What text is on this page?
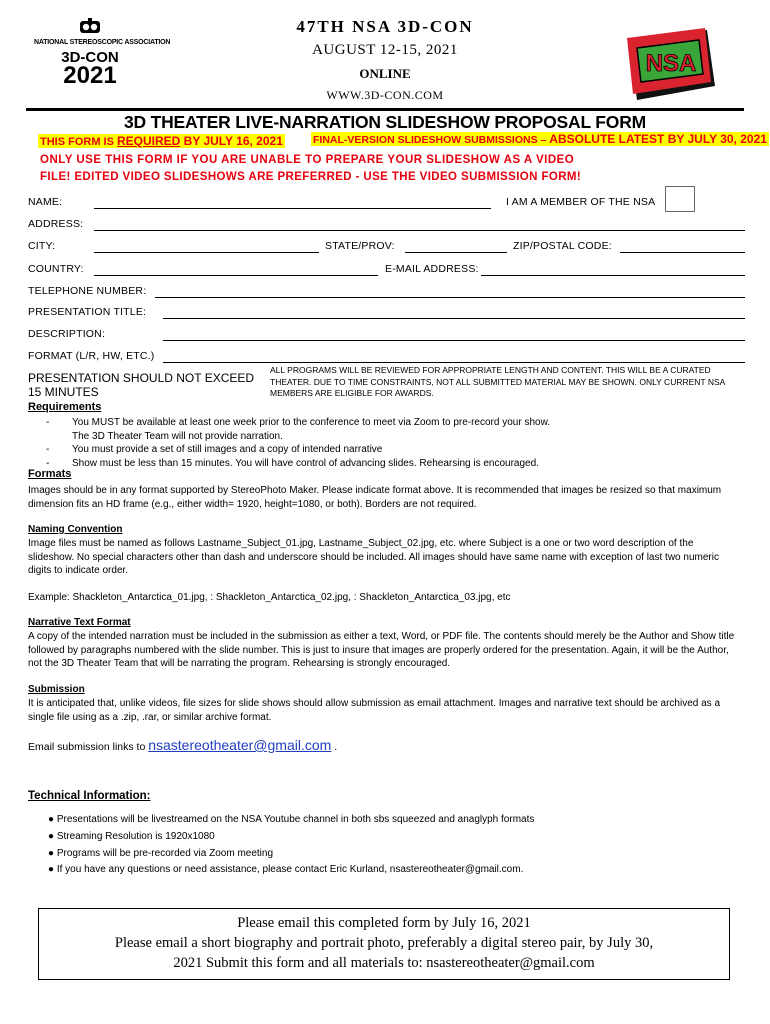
NATIONAL STEREOSCOPIC ASSOCIATION
3D-CON
2021
47TH NSA 3D-CON
AUGUST 12-15, 2021
ONLINE
WWW.3D-CON.COM
NSA
3D THEATER LIVE-NARRATION SLIDESHOW PROPOSAL FORM
THIS FORM IS REQUIRED BY JULY 16, 2021	FINAL-VERSION SLIDESHOW SUBMISSIONS – ABSOLUTE LATEST BY JULY 30, 2021
ONLY USE THIS FORM IF YOU ARE UNABLE TO PREPARE YOUR SLIDESHOW AS A VIDEO
FILE! EDITED VIDEO SLIDESHOWS ARE PREFERRED - USE THE VIDEO SUBMISSION FORM!
NAME:	I AM A MEMBER OF THE NSA
ADDRESS:
CITY:	STATE/PROV:	ZIP/POSTAL CODE:
COUNTRY:	E-MAIL ADDRESS:
TELEPHONE NUMBER:
PRESENTATION TITLE:
DESCRIPTION:
FORMAT (L/R, HW, ETC.)
PRESENTATION SHOULD NOT EXCEED
15 MINUTES
ALL PROGRAMS WILL BE REVIEWED FOR APPROPRIATE LENGTH AND CONTENT. THIS WILL BE A CURATED THEATER. DUE TO TIME CONSTRAINTS, NOT ALL SUBMITTED MATERIAL MAY BE SHOWN. ONLY CURRENT NSA MEMBERS ARE ELIGIBLE FOR AWARDS.
Requirements
-	You MUST be available at least one week prior to the conference to meet via Zoom to pre-record your show.
The 3D Theater Team will not provide narration.
-	You must provide a set of still images and a copy of intended narrative
-	Show must be less than 15 minutes. You will have control of advancing slides. Rehearsing is encouraged.
Formats
Images should be in any format supported by StereoPhoto Maker. Please indicate format above. It is recommended that images be resized so that maximum dimension fits an HD frame (e.g., either width= 1920, height=1080, or both). Borders are not required.
Naming Convention
Image files must be named as follows Lastname_Subject_01.jpg, Lastname_Subject_02.jpg, etc. where Subject is a one or two word description of the slideshow. No special characters other than dash and underscore should be included. All images should have same name with exception of last two numeric digits to indicate order.
Example: Shackleton_Antarctica_01.jpg, : Shackleton_Antarctica_02.jpg, : Shackleton_Antarctica_03.jpg, etc
Narrative Text Format
A copy of the intended narration must be included in the submission as either a text, Word, or PDF file. The contents should merely be the Author and Show title followed by paragraphs numbered with the slide number. This is just to insure that images are properly ordered for the presentation. Again, it will be the Author, not the 3D Theater Team that will be narrating the program. Rehearsing is strongly encouraged.
Submission
It is anticipated that, unlike videos, file sizes for slide shows should allow submission as email attachment. Images and narrative text should be archived as a single file using as a .zip, .rar, or similar archive format.
Email submission links to nsastereotheater@gmail.com .
Technical Information:
● Presentations will be livestreamed on the NSA Youtube channel in both sbs squeezed and anaglyph formats
● Streaming Resolution is 1920x1080
● Programs will be pre-recorded via Zoom meeting
● If you have any questions or need assistance, please contact Eric Kurland, nsastereotheater@gmail.com.
Please email this completed form by July 16, 2021
Please email a short biography and portrait photo, preferably a digital stereo pair, by July 30,
2021 Submit this form and all materials to: nsastereotheater@gmail.com
